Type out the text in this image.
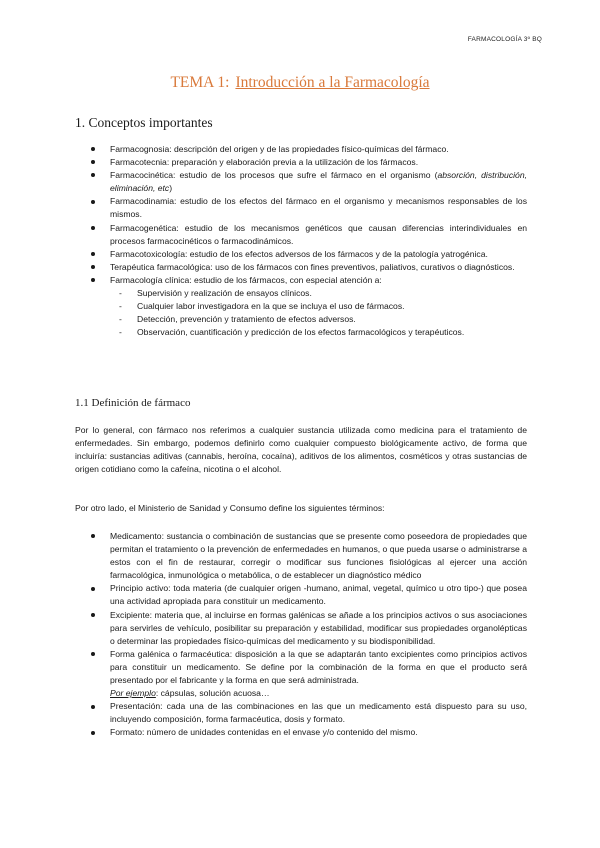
FARMACOLOGÍA 3º BQ
TEMA 1: Introducción a la Farmacología
1. Conceptos importantes
Farmacognosia: descripción del origen y de las propiedades físico-químicas del fármaco.
Farmacotecnia: preparación y elaboración previa a la utilización de los fármacos.
Farmacocinética: estudio de los procesos que sufre el fármaco en el organismo (absorción, distribución, eliminación, etc)
Farmacodinamia: estudio de los efectos del fármaco en el organismo y mecanismos responsables de los mismos.
Farmacogenética: estudio de los mecanismos genéticos que causan diferencias interindividuales en procesos farmacocinéticos o farmacodinámicos.
Farmacotoxicología: estudio de los efectos adversos de los fármacos y de la patología yatrogénica.
Terapéutica farmacológica: uso de los fármacos con fines preventivos, paliativos, curativos o diagnósticos.
Farmacología clínica: estudio de los fármacos, con especial atención a:
- Supervisión y realización de ensayos clínicos.
- Cualquier labor investigadora en la que se incluya el uso de fármacos.
- Detección, prevención y tratamiento de efectos adversos.
- Observación, cuantificación y predicción de los efectos farmacológicos y terapéuticos.
1.1 Definición de fármaco

Por lo general, con fármaco nos referimos a cualquier sustancia utilizada como medicina para el tratamiento de enfermedades. Sin embargo, podemos definirlo como cualquier compuesto biológicamente activo, de forma que incluiría: sustancias aditivas (cannabis, heroína, cocaína), aditivos de los alimentos, cosméticos y otras sustancias de origen cotidiano como la cafeína, nicotina o el alcohol.

Por otro lado, el Ministerio de Sanidad y Consumo define los siguientes términos:

Medicamento: sustancia o combinación de sustancias que se presente como poseedora de propiedades que permitan el tratamiento o la prevención de enfermedades en humanos, o que pueda usarse o administrarse a estos con el fin de restaurar, corregir o modificar sus funciones fisiológicas al ejercer una acción farmacológica, inmunológica o metabólica, o de establecer un diagnóstico médico
Principio activo: toda materia (de cualquier origen -humano, animal, vegetal, químico u otro tipo-) que posea una actividad apropiada para constituir un medicamento.
Excipiente: materia que, al incluirse en formas galénicas se añade a los principios activos o sus asociaciones para servirles de vehículo, posibilitar su preparación y estabilidad, modificar sus propiedades organolépticas o determinar las propiedades físico-químicas del medicamento y su biodisponibilidad.
Forma galénica o farmacéutica: disposición a la que se adaptarán tanto excipientes como principios activos para constituir un medicamento. Se define por la combinación de la forma en que el producto será presentado por el fabricante y la forma en que será administrada.
Por ejemplo: cápsulas, solución acuosa…
Presentación: cada una de las combinaciones en las que un medicamento está dispuesto para su uso, incluyendo composición, forma farmacéutica, dosis y formato.
Formato: número de unidades contenidas en el envase y/o contenido del mismo.
